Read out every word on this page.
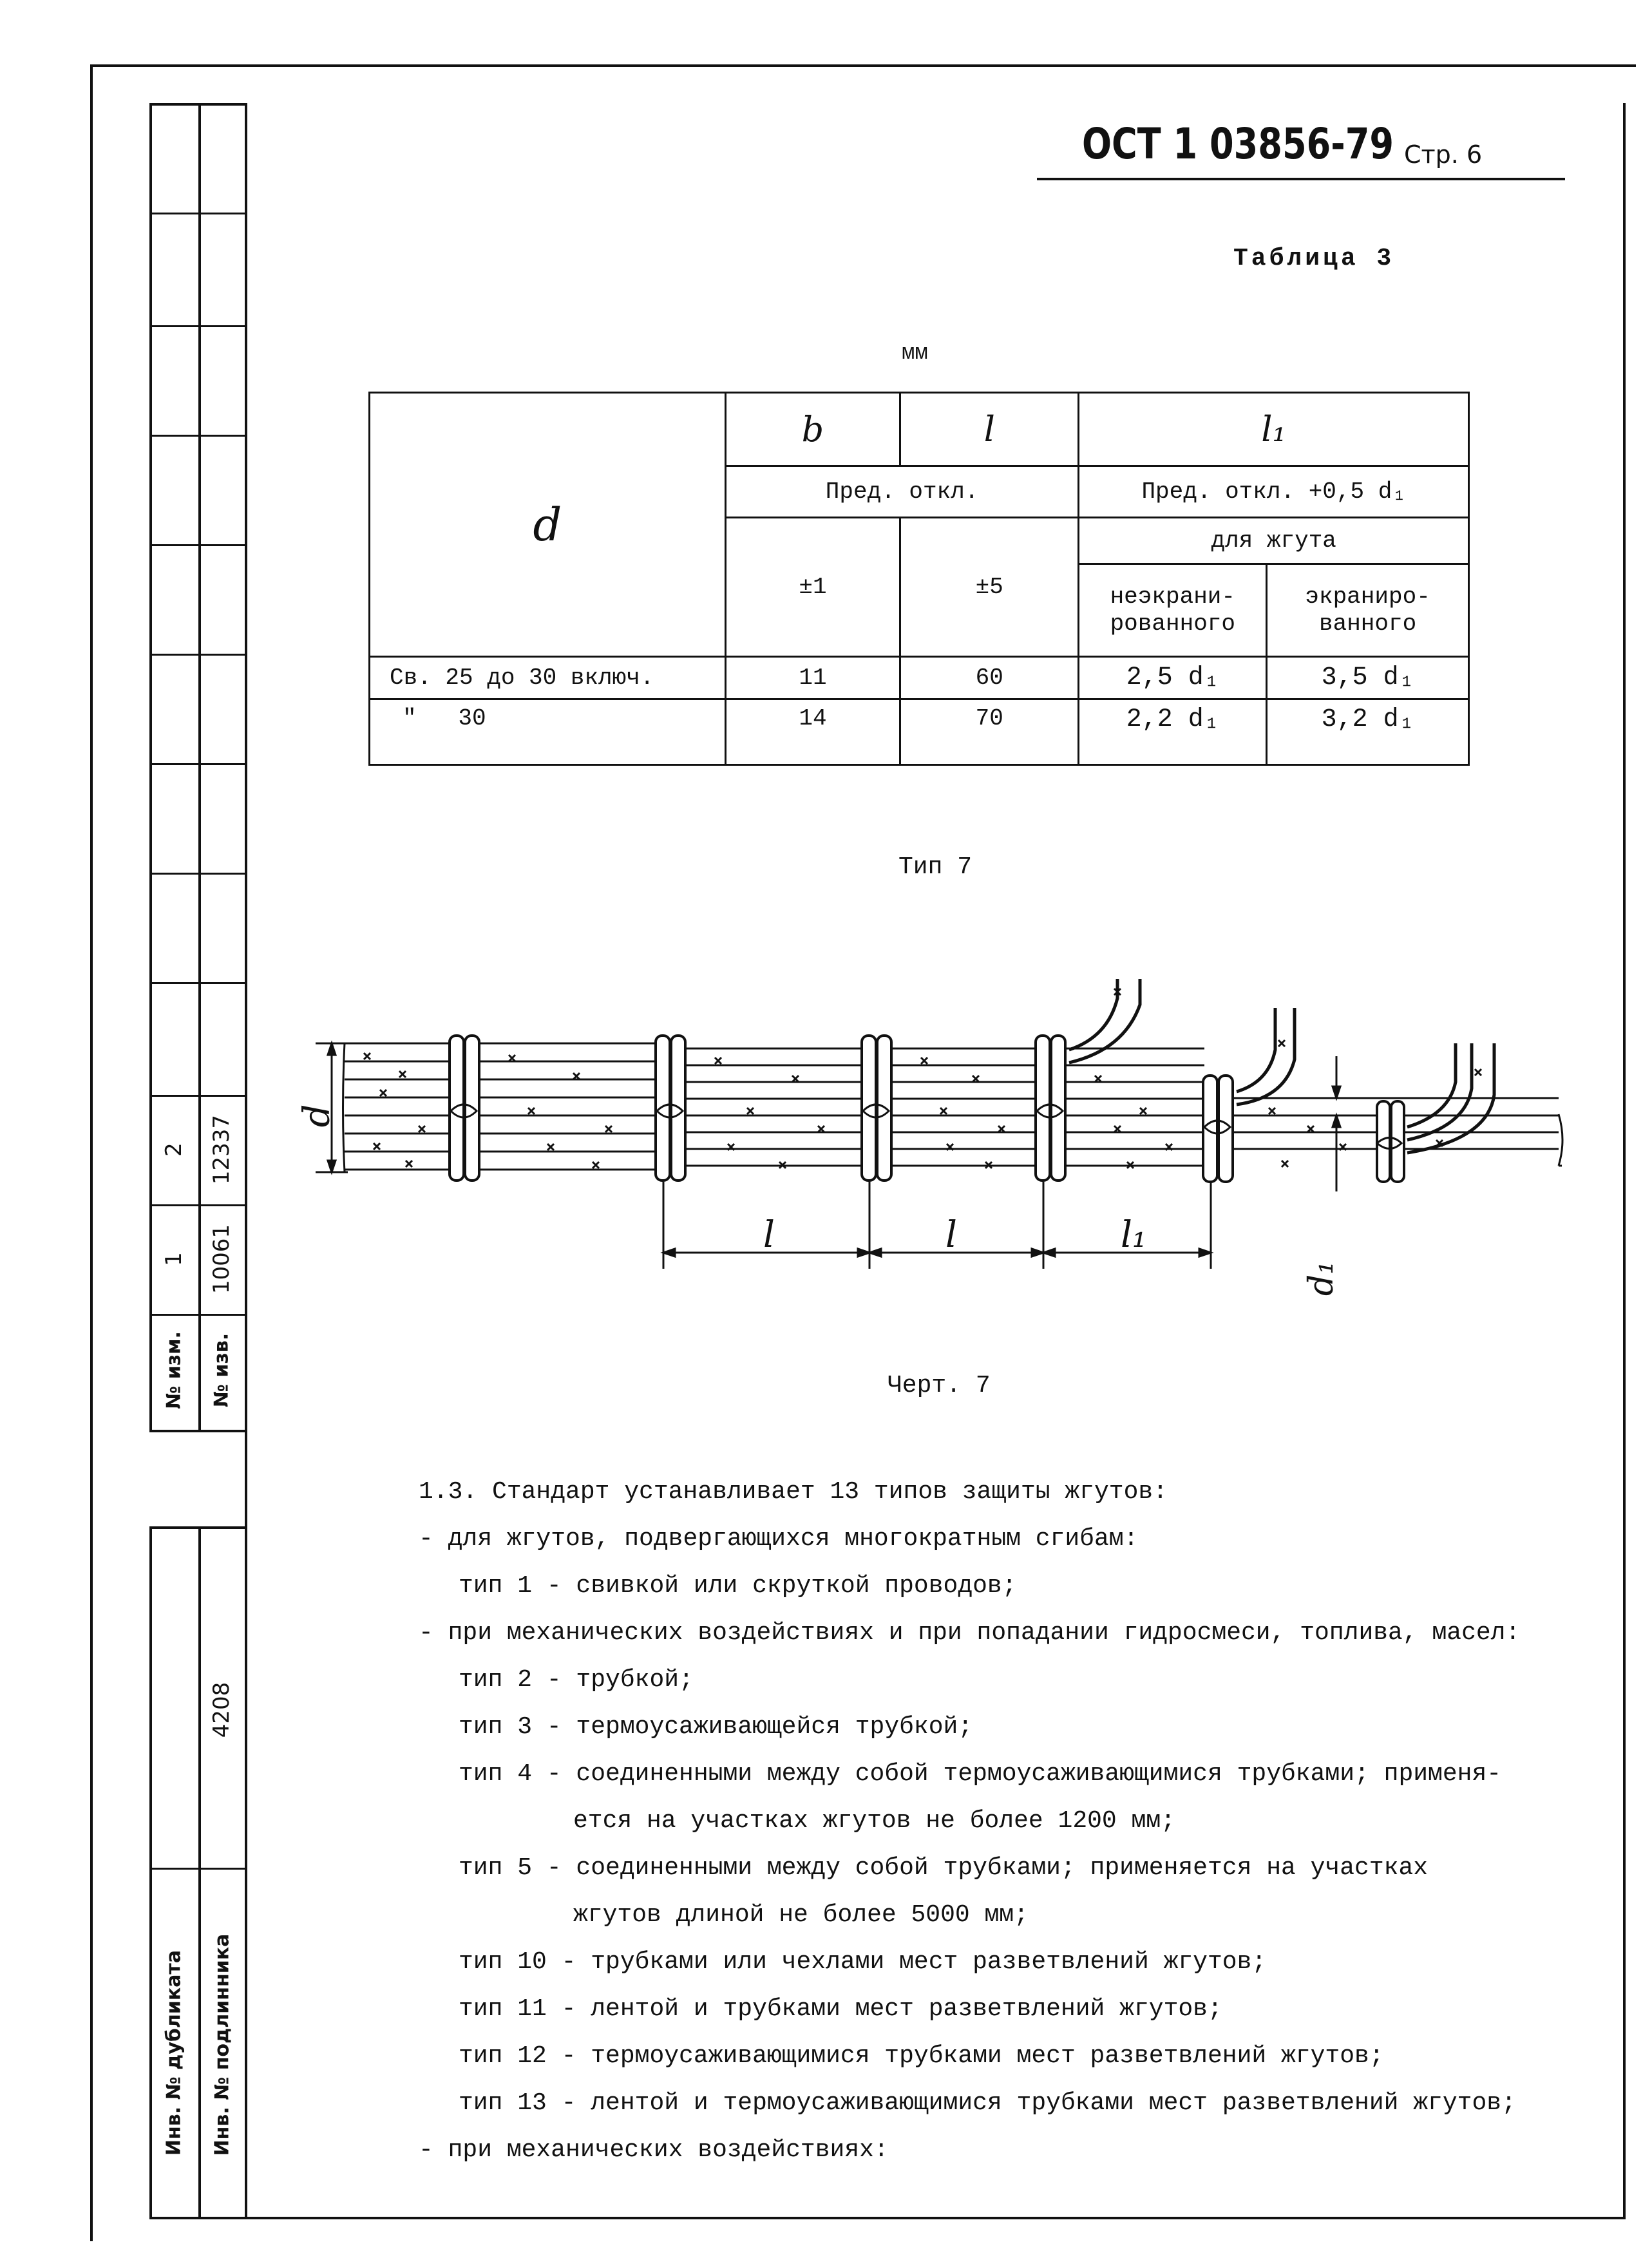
1
2
№ изм.
10061
12337
№ изв.
4208
Инв. № дубликата Инв. № подлинника
ОСТ 1 03856-79 Стр. 6
Таблица 3
мм
d	b	l	l₁	
	Пред. откл.		Пред. откл. +0,5 d₁	
	±1	±5	для жгута	
			неэкрани- рованного	экраниро- ванного
Св. 25 до 30 включ.	11	60	2,5 d₁	3,5 d₁
"   30	14	70	2,2 d₁	3,2 d₁
Тип 7
d
l	l	l₁
d₁
Черт. 7
1.3. Стандарт устанавливает 13 типов защиты жгутов:
- для жгутов, подвергающихся многократным сгибам:
тип 1 - свивкой или скруткой проводов;
- при механических воздействиях и при попадании гидросмеси, топлива, масел:
тип 2 - трубкой;
тип 3 - термоусаживающейся трубкой;
тип 4 - соединенными между собой термоусаживающимися трубками; применя-
ется на участках жгутов не более 1200 мм;
тип 5 - соединенными между собой трубками; применяется на участках
жгутов длиной не более 5000 мм;
тип 10 - трубками или чехлами мест разветвлений жгутов;
тип 11 - лентой и трубками мест разветвлений жгутов;
тип 12 - термоусаживающимися трубками мест разветвлений жгутов;
тип 13 - лентой и термоусаживающимися трубками мест разветвлений жгутов;
- при механических воздействиях:
